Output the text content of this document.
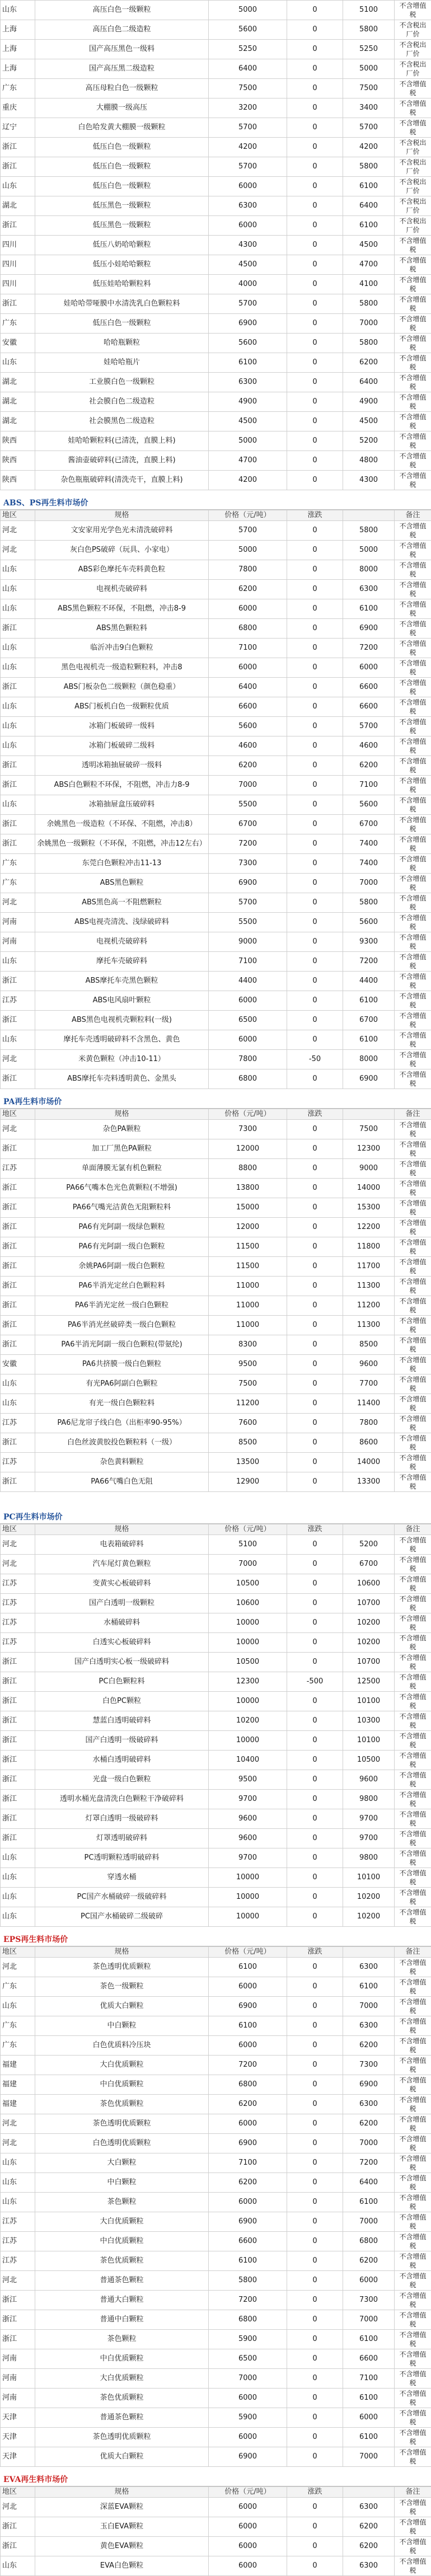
山东	高压白色一级颗粒	5000	0	5100	不含增值税
上海	高压白色二级造粒	5600	0	5800	不含税出厂价
上海	国产高压黑色一级料	5250	0	5250	不含税出厂价
上海	国产高压黑二级造粒	6400	0	5000	不含税出厂价
广东	高压母粒白色一级颗粒	7500	0	7500	不含增值税
重庆	大棚膜一级高压	3200	0	3400	不含增值税
辽宁	白色哈发黄大棚膜一级颗粒	5700	0	5700	不含增值税
浙江	低压白色一级颗粒	4200	0	4200	不含税出厂价
浙江	低压白色一级颗粒	5700	0	5800	不含税出厂价
山东	低压白色一级颗粒	6000	0	6100	不含税出厂价
湖北	低压黑色一级颗粒	6300	0	6400	不含税出厂价
浙江	低压黑色一级颗粒	6000	0	6100	不含税出厂价
四川	低压八奶哈哈颗粒	4300	0	4500	不含增值税
四川	低压小娃哈哈颗粒	4500	0	4700	不含增值税
四川	低压娃哈哈颗粒料	4000	0	4100	不含增值税
浙江	娃哈哈带哑膜中水清洗乳白色颗粒料	5700	0	5800	不含增值税
广东	低压白色一级颗粒	6900	0	7000	不含增值税
安徽	哈哈瓶颗粒	5600	0	5800	不含增值税
山东	娃哈哈瓶片	6100	0	6200	不含增值税
湖北	工业膜白色一级颗粒	6300	0	6400	不含增值税
湖北	社会膜白色二级造粒	4900	0	4900	不含增值税
湖北	社会膜黑色二级造粒	4500	0	4500	不含增值税
陕西	娃哈哈颗粒料(已清洗，直膜上料)	5000	0	5200	不含增值税
陕西	酱油壶破碎料(已清洗，直膜上料)	4700	0	4800	不含增值税
陕西	杂色瓶瓶破碎料(清洗壳干，直膜上料)	4200	0	4300	不含增值税
ABS、PS再生料市场价
地区	规格	价格（元/吨）	涨跌		备注
河北	文安家用光学色光未清洗破碎料	5700	0	5800	不含增值税
河北	灰白色PS破碎（玩具、小家电）	5000	0	5000	不含增值税
山东	ABS彩色摩托车壳料黄色粒	7800	0	8000	不含增值税
山东	电视机壳破碎料	6200	0	6300	不含增值税
山东	ABS黑色颗粒不环保，不阻燃，冲击8-9	6000	0	6100	不含增值税
浙江	ABS黑色颗粒料	6800	0	6900	不含增值税
山东	临沂冲击9白色颗粒	7100	0	7200	不含增值税
山东	黑色电视机壳一级造粒颗粒料，冲击8	6000	0	6000	不含增值税
浙江	ABS门板杂色二级颗粒（颜色稳重）	6400	0	6600	不含增值税
山东	ABS门板机白色一级颗粒优质	6600	0	6600	不含增值税
山东	冰箱门板破碎一级料	5600	0	5700	不含增值税
山东	冰箱门板破碎二级料	4600	0	4600	不含增值税
浙江	透明冰箱抽屉破碎一级料	6200	0	6200	不含增值税
浙江	ABS白色颗粒不环保，不阻燃，冲击力8-9	7000	0	7100	不含增值税
山东	冰箱抽屉盒压破碎料	5500	0	5600	不含增值税
浙江	余姚黑色一级造粒（不环保、不阻燃，冲击8）	6700	0	6700	不含增值税
浙江	余姚黑色一级颗粒（不环保，不阻燃，冲击12左右）	7200	0	7400	不含增值税
广东	东莞白色颗粒冲击11-13	7300	0	7400	不含增值税
广东	ABS黑色颗粒	6900	0	7000	不含增值税
河北	ABS黑色高一不阻燃颗粒	5700	0	5800	不含增值税
河南	ABS电视壳清洗、浅绿破碎料	5500	0	5600	不含增值税
河南	电视机壳破碎料	9000	0	9300	不含增值税
山东	摩托车壳破碎料	7100	0	7200	不含增值税
浙江	ABS摩托车壳黑色颗粒	4400	0	4400	不含增值税
江苏	ABS电风扇叶颗粒	6000	0	6100	不含增值税
浙江	ABS黑色电视机壳颗粒料(一级)	6500	0	6700	不含增值税
山东	摩托车壳透明破碎料不含黑色、黄色	6000	0	6100	不含增值税
河北	米黄色颗粒（冲击10-11）	7800	-50	8000	不含增值税
浙江	ABS摩托车壳料透明黄色、金黑头	6800	0	6900	不含增值税
PA再生料市场价
地区	规格	价格（元/吨）	涨跌		备注
河北	杂色PA颗粒	7300	0	7500	不含增值税
浙江	加工厂黑色PA颗粒	12000	0	12300	不含增值税
江苏	单面薄膜无氯有机色颗粒	8800	0	9000	不含增值税
浙江	PA66气嘴本色光色黄颗粒(不增强)	13800	0	14000	不含增值税
浙江	PA66气嘴光洁黄色无阻颗粒料	15000	0	15300	不含增值税
浙江	PA6有光阿副一级绿色颗粒	12000	0	12200	不含增值税
浙江	PA6有光阿副一级白色颗粒	11500	0	11800	不含增值税
浙江	余姚PA6阿副一级白色颗粒	11500	0	11700	不含增值税
浙江	PA6半消光定丝白色颗粒料	11000	0	11300	不含增值税
浙江	PA6半消光定丝一级白色颗粒	11000	0	11200	不含增值税
浙江	PA6半消光丝破碎类一级白色颗粒	11000	0	11300	不含增值税
浙江	PA6半消光阿副一级白色颗粒(带氨纶)	8300	0	8500	不含增值税
安徽	PA6共挤膜一级白色颗粒	9500	0	9600	不含增值税
山东	有光PA6阿副白色颗粒	7500	0	7700	不含增值税
山东	有光一级白色颗粒料	11200	0	11400	不含增值税
江苏	PA6尼龙帘子线白色（出柜率90-95%）	7600	0	7800	不含增值税
浙江	白色丝波黄胶投色颗粒料（一级）	8500	0	8600	不含增值税
江苏	杂色黄料颗粒	13500	0	14000	不含增值税
浙江	PA66气嘴白色无阻	12900	0	13300	不含增值税
PC再生料市场价
地区	规格	价格（元/吨）	涨跌		备注
河北	电表箱破碎料	5100	0	5200	不含增值税
河北	汽车尾灯黄色颗粒	7000	0	6700	不含增值税
江苏	变黄实心板破碎料	10500	0	10600	不含增值税
江苏	国产白透明一级颗粒	10600	0	10700	不含增值税
江苏	水桶破碎料	10000	0	10200	不含增值税
江苏	白透实心板破碎料	10000	0	10200	不含增值税
浙江	国产白透明实心板一级破碎料	10500	0	10700	不含增值税
浙江	PC白色颗粒料	12300	-500	12500	不含增值税
浙江	白色PC颗粒	10000	0	10100	不含增值税
浙江	慧蓝白透明破碎料	10200	0	10300	不含增值税
浙江	国产白透明一级破碎料	10000	0	10100	不含增值税
浙江	水桶白透明破碎料	10400	0	10500	不含增值税
浙江	光盘一级白色颗粒	9500	0	9600	不含增值税
浙江	透明水桶光盘清洗白色颗粒干净破碎料	9700	0	9800	不含增值税
浙江	灯罩白透明一级破碎料	9600	0	9700	不含增值税
浙江	灯罩透明破碎料	9600	0	9700	不含增值税
山东	PC透明颗粒透明破碎料	9700	0	9800	不含增值税
山东	穿透水桶	10000	0	10100	不含增值税
山东	PC国产水桶破碎一级破碎料	10000	0	10200	不含增值税
山东	PC国产水桶破碎二级破碎	10000	0	10200	不含增值税
EPS再生料市场价
地区	规格	价格（元/吨）	涨跌		备注
河北	茶色透明优质颗粒	6100	0	6300	不含增值税
广东	茶色一级颗粒	6000	0	6100	不含增值税
山东	优质大白颗粒	6900	0	7000	不含增值税
广东	中白颗粒	6100	0	6300	不含增值税
广东	白色优质料冷压块	6000	0	6200	不含增值税
福建	大白优质颗粒	7200	0	7300	不含增值税
福建	中白优质颗粒	6800	0	6900	不含增值税
福建	茶色优质颗粒	6200	0	6300	不含增值税
河北	茶色透明优质颗粒	6000	0	6200	不含增值税
河北	白色透明优质颗粒	6900	0	7000	不含增值税
山东	大白颗粒	7100	0	7200	不含增值税
山东	中白颗粒	6200	0	6400	不含增值税
山东	茶色颗粒	6000	0	6100	不含增值税
江苏	大白优质颗粒	6900	0	7000	不含增值税
江苏	中白优质颗粒	6600	0	6800	不含增值税
江苏	茶色优质颗粒	6100	0	6200	不含增值税
河北	普通茶色颗粒	5800	0	6000	不含增值税
浙江	普通大白颗粒	7200	0	7300	不含增值税
浙江	普通中白颗粒	6800	0	7000	不含增值税
浙江	茶色颗粒	5900	0	6100	不含增值税
河南	中白优质颗粒	6500	0	6600	不含增值税
河南	大白优质颗粒	7000	0	7100	不含增值税
河南	茶色优质颗粒	6000	0	6100	不含增值税
天津	普通茶色颗粒	5900	0	6000	不含增值税
天津	茶色透明优质颗粒	6000	0	6100	不含增值税
天津	优质大白颗粒	6900	0	7000	不含增值税
EVA再生料市场价
地区	规格	价格（元/吨）	涨跌		备注
河北	深蓝EVA颗粒	6000	0	6300	不含增值税
浙江	玉白EVA颗粒	6000	0	6200	不含增值税
浙江	黄色EVA颗粒	6000	0	6200	不含增值税
山东	EVA白色颗粒	6000	0	6300	不含增值税
